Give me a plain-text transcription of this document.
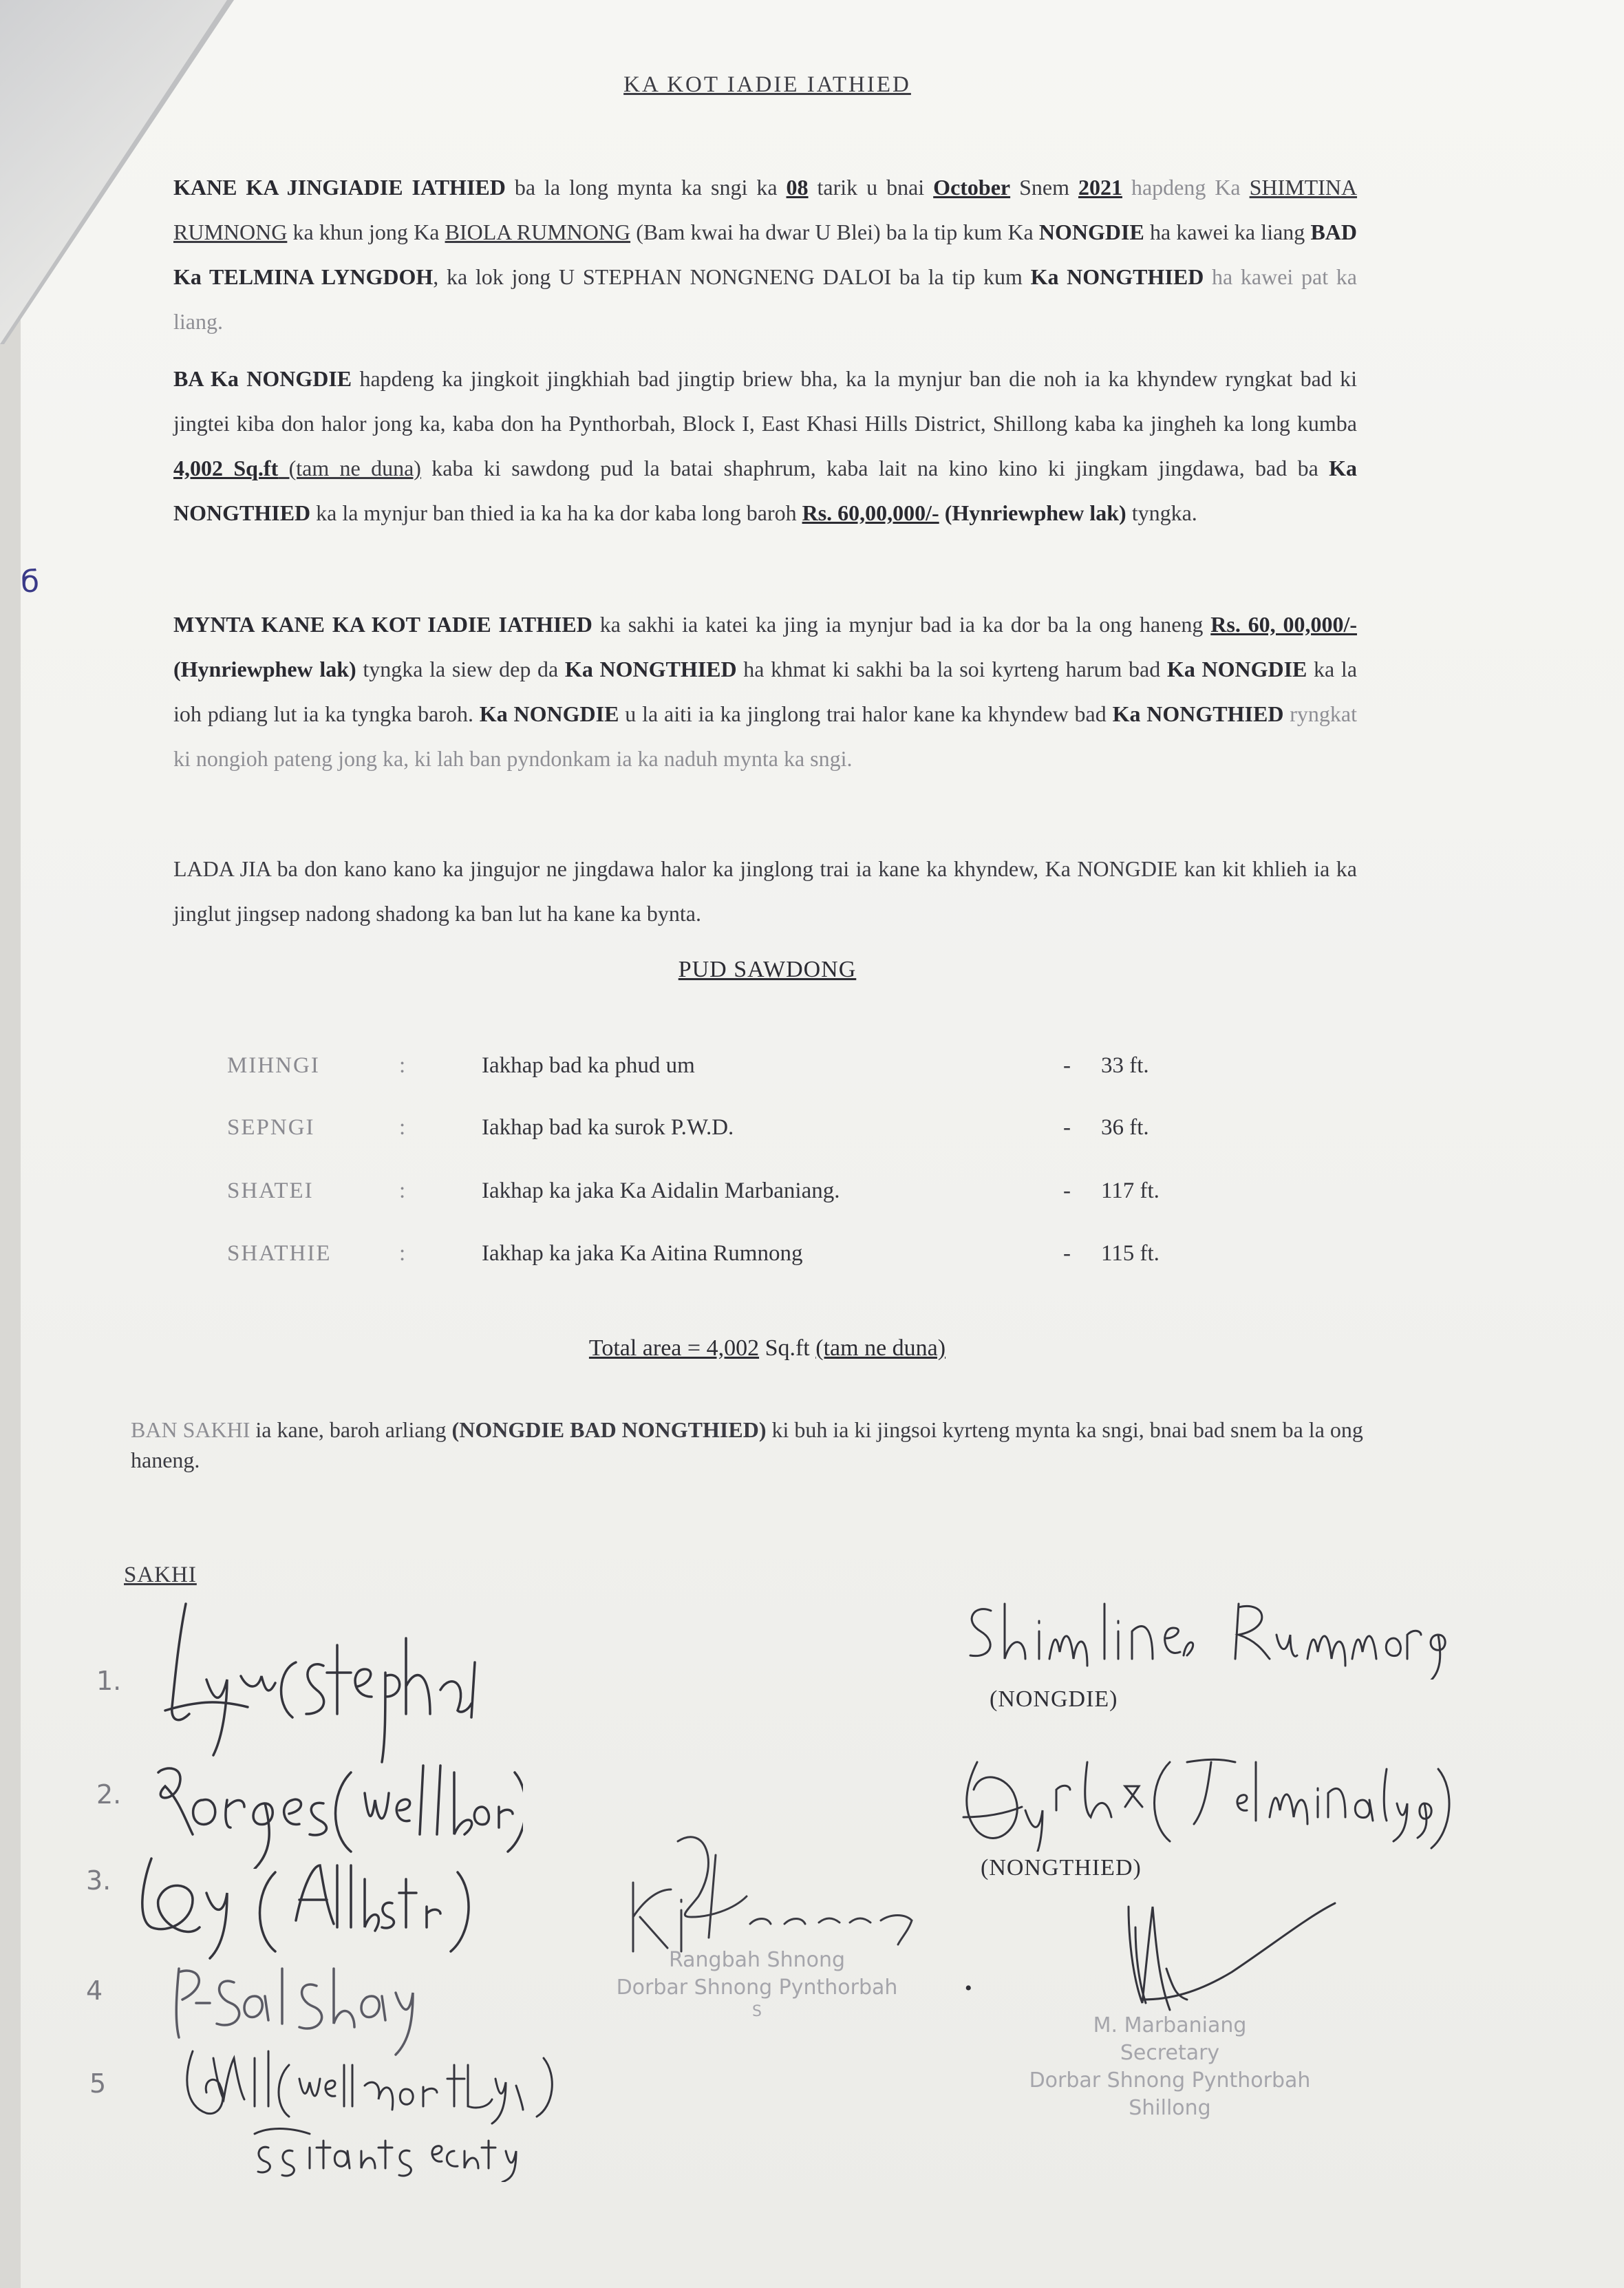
KA KOT IADIE IATHIED
KANE KA JINGIADIE IATHIED ba la long mynta ka sngi ka 08 tarik u bnai October Snem 2021 hapdeng Ka SHIMTINA RUMNONG ka khun jong Ka BIOLA RUMNONG (Bam kwai ha dwar U Blei) ba la tip kum Ka NONGDIE ha kawei ka liang BAD Ka TELMINA LYNGDOH, ka lok jong U STEPHAN NONGNENG DALOI ba la tip kum Ka NONGTHIED ha kawei pat ka liang.
BA Ka NONGDIE hapdeng ka jingkoit jingkhiah bad jingtip briew bha, ka la mynjur ban die noh ia ka khyndew ryngkat bad ki jingtei kiba don halor jong ka, kaba don ha Pynthorbah, Block I, East Khasi Hills District, Shillong kaba ka jingheh ka long kumba 4,002 Sq.ft (tam ne duna) kaba ki sawdong pud la batai shaphrum, kaba lait na kino kino ki jingkam jingdawa, bad ba Ka NONGTHIED ka la mynjur ban thied ia ka ha ka dor kaba long baroh Rs. 60,00,000/- (Hynriewphew lak) tyngka.
MYNTA KANE KA KOT IADIE IATHIED ka sakhi ia katei ka jing ia mynjur bad ia ka dor ba la ong haneng Rs. 60, 00,000/- (Hynriewphew lak) tyngka la siew dep da Ka NONGTHIED ha khmat ki sakhi ba la soi kyrteng harum bad Ka NONGDIE ka la ioh pdiang lut ia ka tyngka baroh. Ka NONGDIE u la aiti ia ka jinglong trai halor kane ka khyndew bad Ka NONGTHIED ryngkat ki nongioh pateng jong ka, ki lah ban pyndonkam ia ka naduh mynta ka sngi.
LADA JIA ba don kano kano ka jingujor ne jingdawa halor ka jinglong trai ia kane ka khyndew, Ka NONGDIE kan kit khlieh ia ka jinglut jingsep nadong shadong ka ban lut ha kane ka bynta.
PUD SAWDONG
MIHNGI	:	Iakhap bad ka phud um	- 33 ft.
SEPNGI	:	Iakhap bad ka surok P.W.D.	- 36 ft.
SHATEI	:	Iakhap ka jaka Ka Aidalin Marbaniang.	- 117 ft.
SHATHIE	:	Iakhap ka jaka Ka Aitina Rumnong	- 115 ft.
Total area = 4,002 Sq.ft (tam ne duna)
BAN SAKHI ia kane, baroh arliang (NONGDIE BAD NONGTHIED) ki buh ia ki jingsoi kyrteng mynta ka sngi, bnai bad snem ba la ong haneng.
SAKHI
1.
2.
3.
4
5
(NONGDIE)
(NONGTHIED)
Rangbah Shnong
Dorbar Shnong Pynthorbah
S
•
M. Marbaniang
Secretary
Dorbar Shnong Pynthorbah
Shillong
б
